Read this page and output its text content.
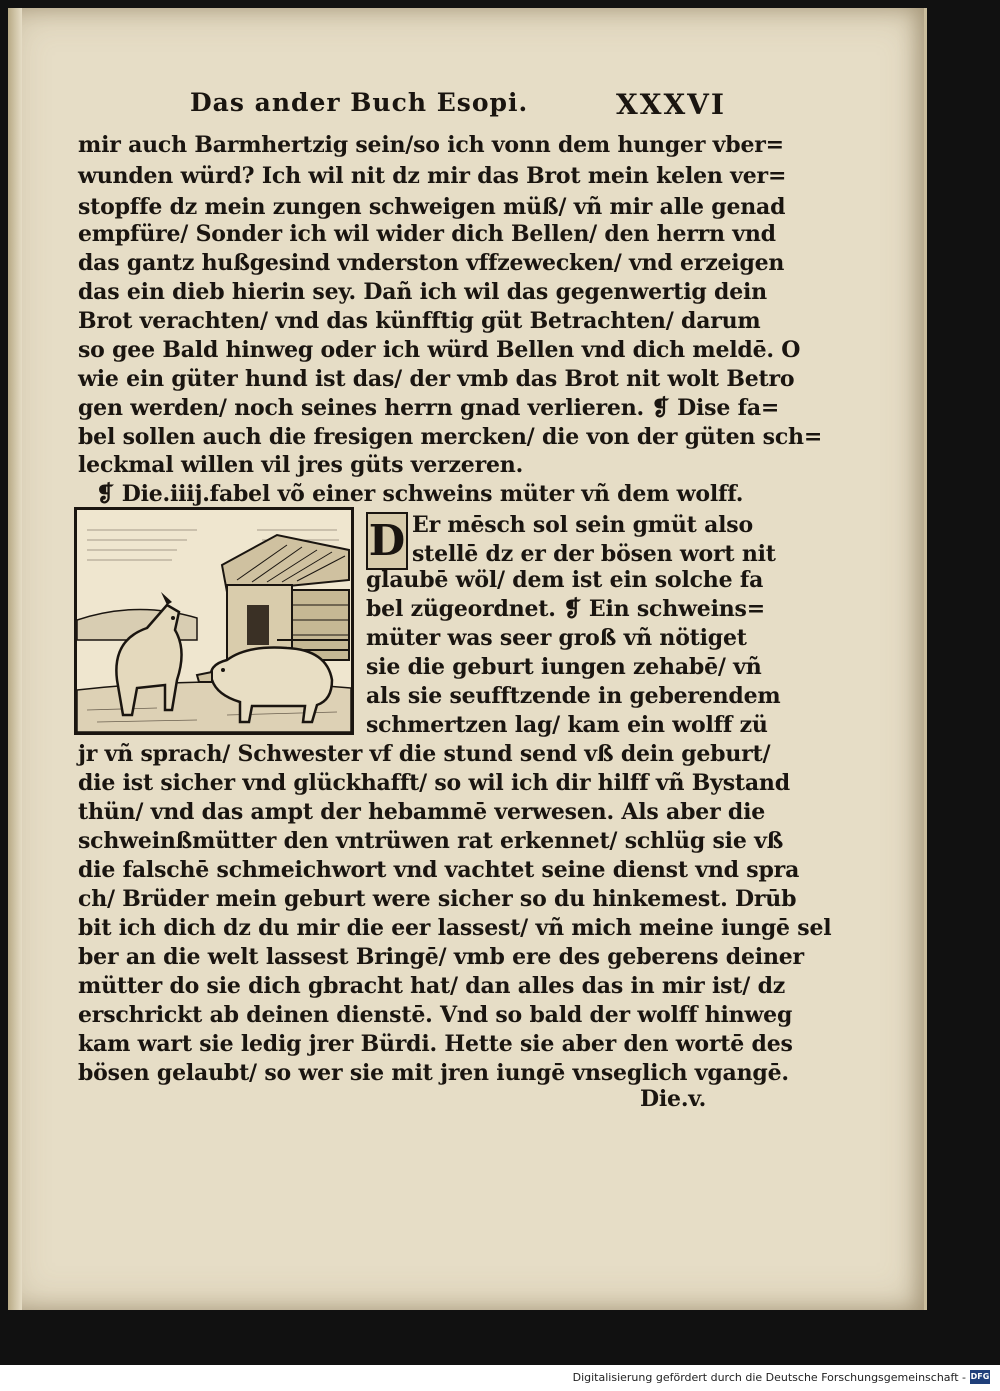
Das ander Buch Esopi.	XXXVI
mir auch Barmhertzig sein/so ich vonn dem hunger vber=
wunden würd? Ich wil nit dz mir das Brot mein kelen ver=
stopffe dz mein zungen schweigen müß/ vñ mir alle genad
empfüre/ Sonder ich wil wider dich Bellen/ den herrn vnd
das gantz hußgesind vnderston vffzewecken/ vnd erzeigen
das ein dieb hierin sey. Dañ ich wil das gegenwertig dein
Brot verachten/ vnd das künfftig güt Betrachten/ darum
so gee Bald hinweg oder ich würd Bellen vnd dich meldē. O
wie ein güter hund ist das/ der vmb das Brot nit wolt Betro
gen werden/ noch seines herrn gnad verlieren. ❡ Dise fa=
bel sollen auch die fresigen mercken/ die von der güten sch=
leckmal willen vil jres güts verzeren.
❡ Die.iiij.fabel võ einer schweins müter vñ dem wolff.
D Er mēsch sol sein gmüt also
stellē dz er der bösen wort nit
glaubē wöl/ dem ist ein solche fa
bel zügeordnet. ❡ Ein schweins=
müter was seer groß vñ nötiget
sie die geburt iungen zehabē/ vñ
als sie seufftzende in geberendem
schmertzen lag/ kam ein wolff zü
jr vñ sprach/ Schwester vf die stund send vß dein geburt/
die ist sicher vnd glückhafft/ so wil ich dir hilff vñ Bystand
thün/ vnd das ampt der hebammē verwesen. Als aber die
schweinßmütter den vntrüwen rat erkennet/ schlüg sie vß
die falschē schmeichwort vnd vachtet seine dienst vnd spra
ch/ Brüder mein geburt were sicher so du hinkemest. Drūb
bit ich dich dz du mir die eer lassest/ vñ mich meine iungē sel
ber an die welt lassest Bringē/ vmb ere des geberens deiner
mütter do sie dich gbracht hat/ dan alles das in mir ist/ dz
erschrickt ab deinen dienstē. Vnd so bald der wolff hinweg
kam wart sie ledig jrer Bürdi. Hette sie aber den wortē des
bösen gelaubt/ so wer sie mit jren iungē vnseglich vgangē.
Die.v.
Digitalisierung gefördert durch die Deutsche Forschungsgemeinschaft - DFG
